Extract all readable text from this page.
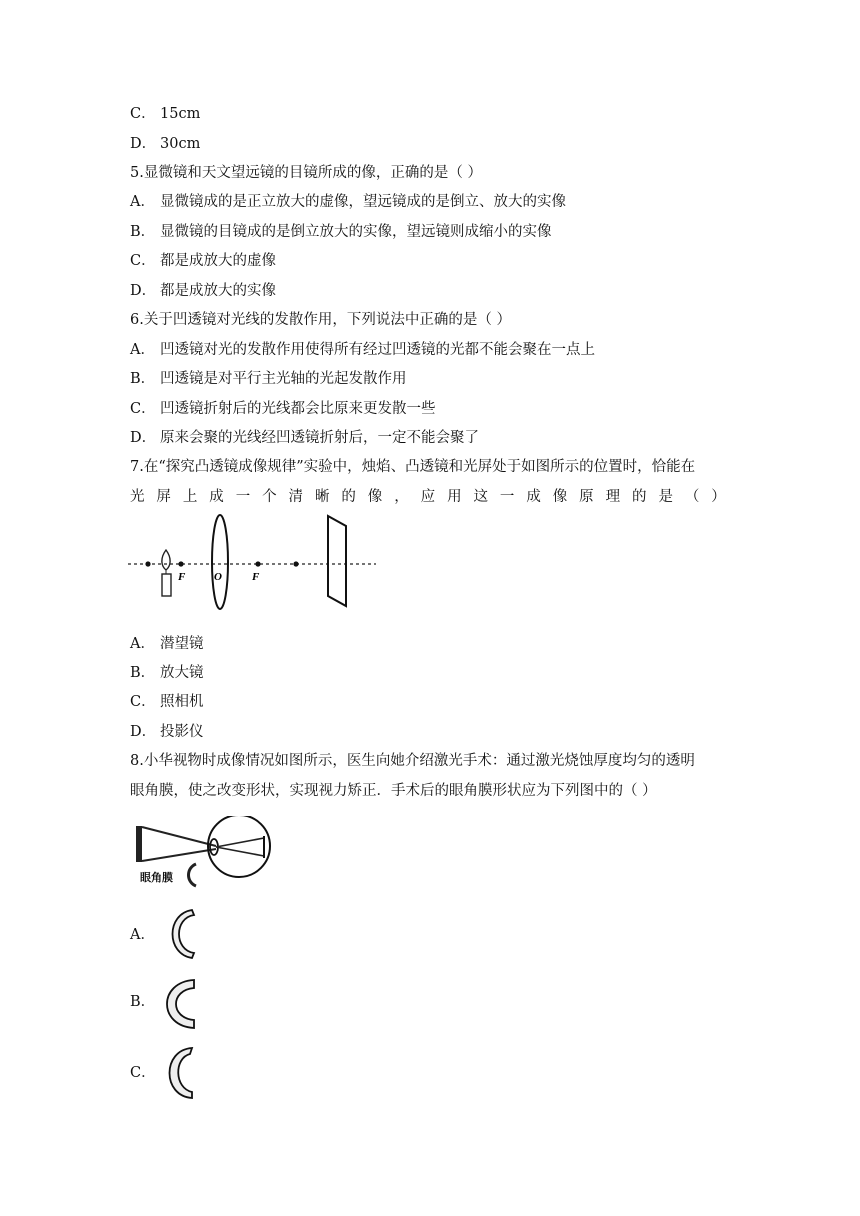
C． 15cm
D． 30cm
5.显微镜和天文望远镜的目镜所成的像，正确的是（ ）
A． 显微镜成的是正立放大的虚像，望远镜成的是倒立、放大的实像
B． 显微镜的目镜成的是倒立放大的实像，望远镜则成缩小的实像
C． 都是成放大的虚像
D． 都是成放大的实像
6.关于凹透镜对光线的发散作用，下列说法中正确的是（ ）
A． 凹透镜对光的发散作用使得所有经过凹透镜的光都不能会聚在一点上
B． 凹透镜是对平行主光轴的光起发散作用
C． 凹透镜折射后的光线都会比原来更发散一些
D． 原来会聚的光线经凹透镜折射后，一定不能会聚了
7.在“探究凸透镜成像规律”实验中，烛焰、凸透镜和光屏处于如图所示的位置时，恰能在
光 屏 上 成 一 个 清 晰 的 像 ， 应 用 这 一 成 像 原 理 的 是 （ ）
F	O	F
A． 潜望镜
B． 放大镜
C． 照相机
D． 投影仪
8.小华视物时成像情况如图所示，医生向她介绍激光手术：通过激光烧蚀厚度均匀的透明
眼角膜，使之改变形状，实现视力矫正．手术后的眼角膜形状应为下列图中的（ ）
眼角膜
A．
B．
C．
